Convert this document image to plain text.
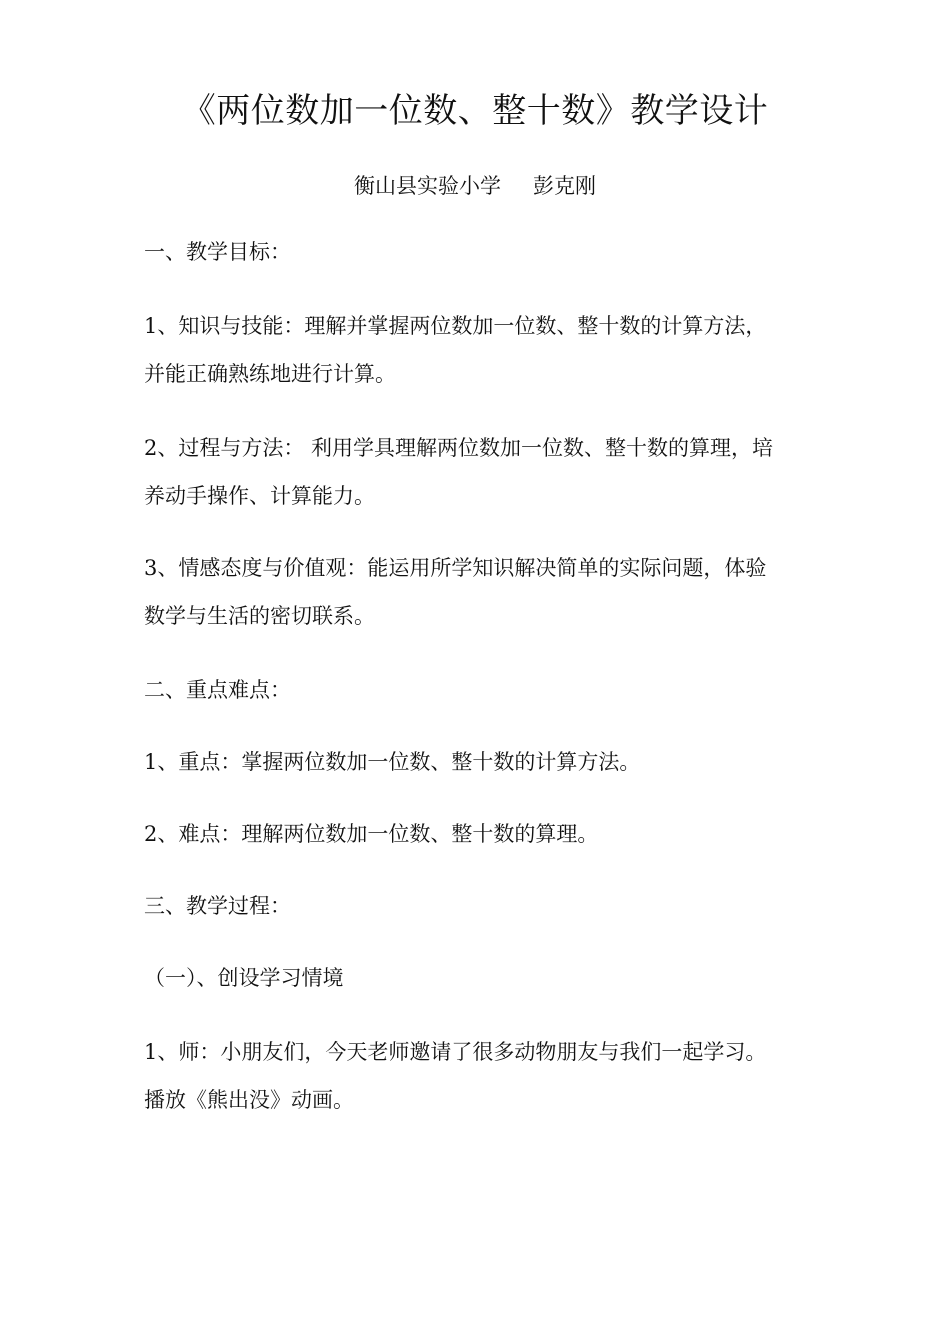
《两位数加一位数、整十数》教学设计
衡山县实验小学 彭克刚
一、教学目标：
1、知识与技能：理解并掌握两位数加一位数、整十数的计算方法，
并能正确熟练地进行计算。
2、过程与方法： 利用学具理解两位数加一位数、整十数的算理，培
养动手操作、计算能力。
3、情感态度与价值观：能运用所学知识解决简单的实际问题，体验
数学与生活的密切联系。
二、重点难点：
1、重点：掌握两位数加一位数、整十数的计算方法。
2、难点：理解两位数加一位数、整十数的算理。
三、教学过程：
（一）、创设学习情境
1、师：小朋友们，今天老师邀请了很多动物朋友与我们一起学习。
播放《熊出没》动画。
